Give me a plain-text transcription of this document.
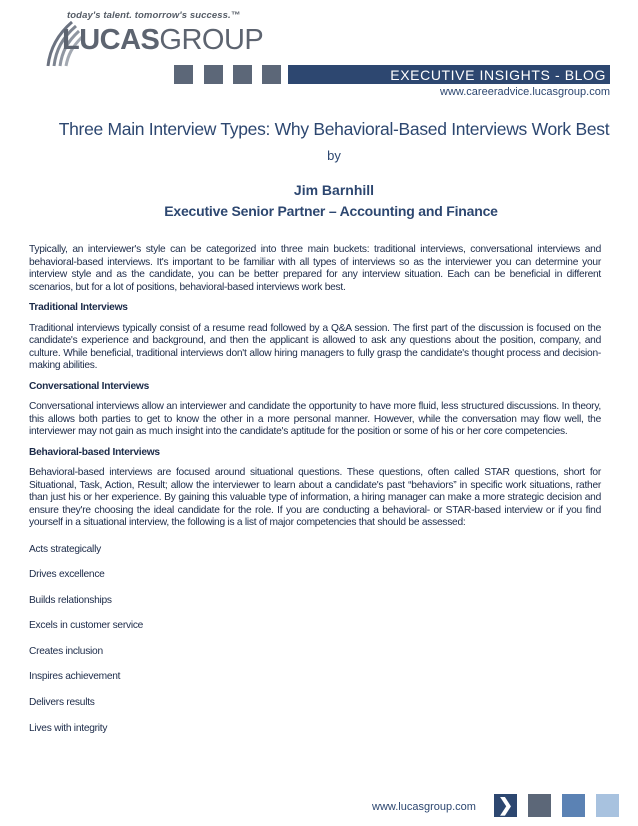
today's talent. tomorrow's success.™
LUCASGROUP
EXECUTIVE INSIGHTS - BLOG
www.careeradvice.lucasgroup.com
Three Main Interview Types: Why Behavioral-Based Interviews Work Best
by
Jim Barnhill
Executive Senior Partner – Accounting and Finance

Typically, an interviewer's style can be categorized into three main buckets: traditional interviews, conversational interviews and behavioral-based interviews. It's important to be familiar with all types of interviews so as the interviewer you can determine your interview style and as the candidate, you can be better prepared for any interview situation. Each can be beneficial in different scenarios, but for a lot of positions, behavioral-based interviews work best.

Traditional Interviews

Traditional interviews typically consist of a resume read followed by a Q&A session. The first part of the discussion is focused on the candidate's experience and background, and then the applicant is allowed to ask any questions about the position, company, and culture. While beneficial, traditional interviews don't allow hiring managers to fully grasp the candidate's thought process and decision-making abilities.

Conversational Interviews

Conversational interviews allow an interviewer and candidate the opportunity to have more fluid, less structured discussions. In theory, this allows both parties to get to know the other in a more personal manner. However, while the conversation may flow well, the interviewer may not gain as much insight into the candidate's aptitude for the position or some of his or her core competencies.

Behavioral-based Interviews

Behavioral-based interviews are focused around situational questions. These questions, often called STAR questions, short for Situational, Task, Action, Result; allow the interviewer to learn about a candidate's past “behaviors” in specific work situations, rather than just his or her experience. By gaining this valuable type of information, a hiring manager can make a more strategic decision and ensure they're choosing the ideal candidate for the role. If you are conducting a behavioral- or STAR-based interview or if you find yourself in a situational interview, the following is a list of major competencies that should be assessed:

Acts strategically
Drives excellence
Builds relationships
Excels in customer service
Creates inclusion
Inspires achievement
Delivers results
Lives with integrity
www.lucasgroup.com ❯
